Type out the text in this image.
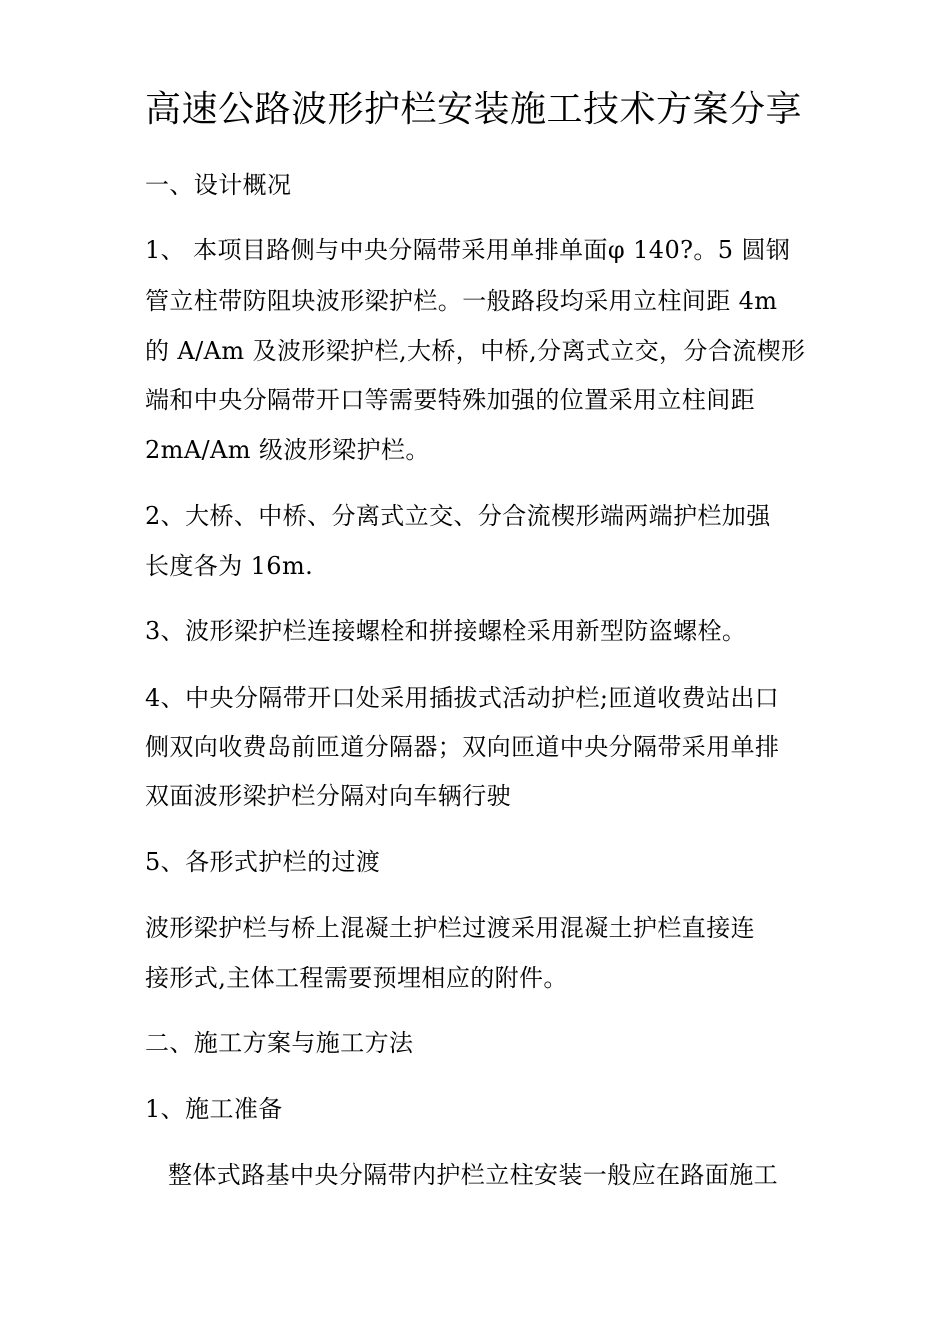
高速公路波形护栏安装施工技术方案分享
一、设计概况
1、 本项目路侧与中央分隔带采用单排单面φ 140?。5 圆钢
管立柱带防阻块波形梁护栏。一般路段均采用立柱间距 4m
的 A/Am 及波形梁护栏,大桥，中桥,分离式立交，分合流楔形
端和中央分隔带开口等需要特殊加强的位置采用立柱间距
2mA/Am 级波形梁护栏。
2、大桥、中桥、分离式立交、分合流楔形端两端护栏加强
长度各为 16m.
3、波形梁护栏连接螺栓和拼接螺栓采用新型防盗螺栓。
4、中央分隔带开口处采用插拔式活动护栏;匝道收费站出口
侧双向收费岛前匝道分隔器；双向匝道中央分隔带采用单排
双面波形梁护栏分隔对向车辆行驶
5、各形式护栏的过渡
波形梁护栏与桥上混凝土护栏过渡采用混凝土护栏直接连
接形式,主体工程需要预埋相应的附件。
二、施工方案与施工方法
1、施工准备
整体式路基中央分隔带内护栏立柱安装一般应在路面施工
